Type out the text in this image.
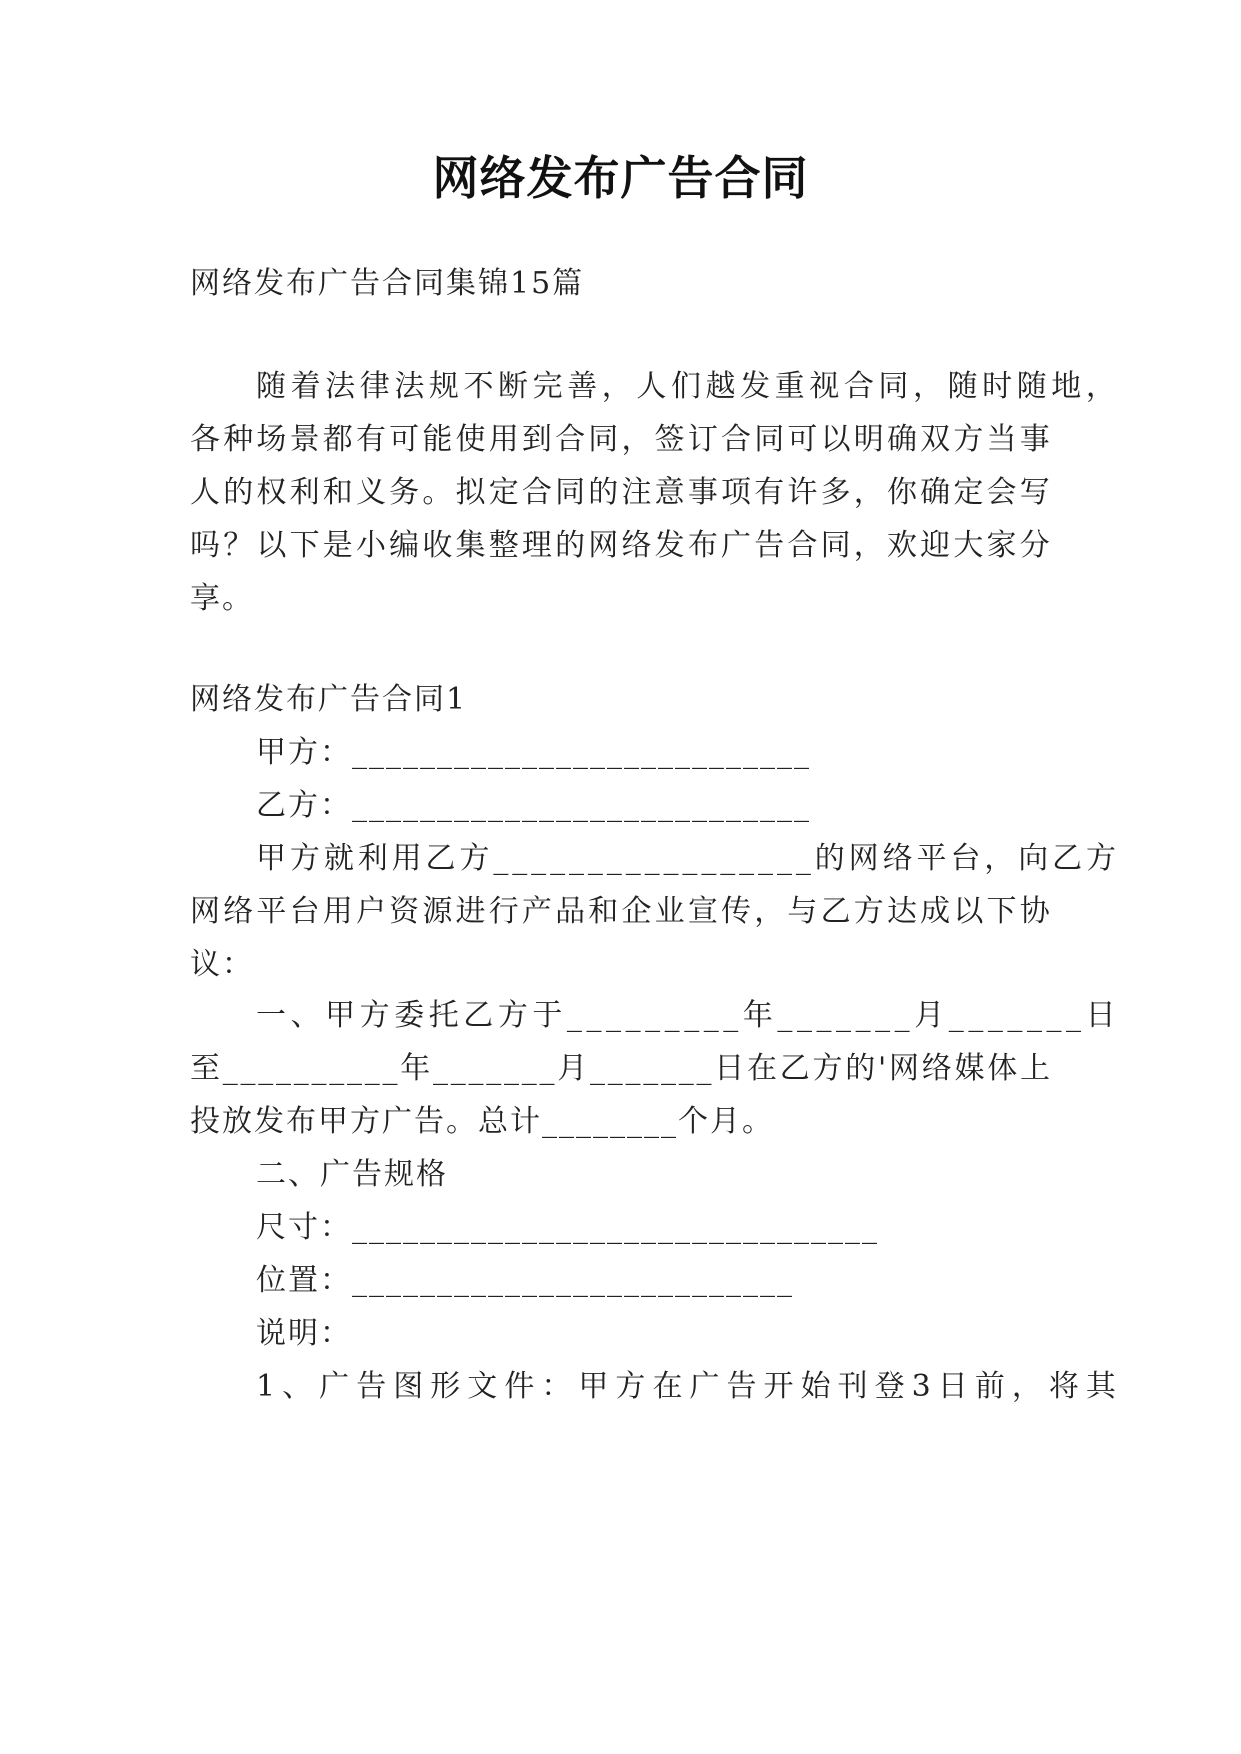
网络发布广告合同
网络发布广告合同集锦15篇
随 着 法 律 法 规 不 断 完 善 ， 人 们 越 发 重 视 合 同 ， 随 时 随 地 ，
各 种 场 景 都 有 可 能 使 用 到 合 同 ， 签 订 合 同 可 以 明 确 双 方 当 事
人 的 权 利 和 义 务 。 拟 定 合 同 的 注 意 事 项 有 许 多 ， 你 确 定 会 写
吗 ？ 以 下 是 小 编 收 集 整 理 的 网 络 发 布 广 告 合 同 ， 欢 迎 大 家 分
享。
网络发布广告合同1
甲方：___________________________
乙方：___________________________
甲 方 就 利 用 乙 方 _ _ _ _ _ _ _ _ _ _ _ _ _ _ _ _ _ 的 网 络 平 台 ， 向 乙 方
网 络 平 台 用 户 资 源 进 行 产 品 和 企 业 宣 传 ， 与 乙 方 达 成 以 下 协
议：
一 、 甲 方 委 托 乙 方 于 _ _ _ _ _ _ _ _ _ 年 _ _ _ _ _ _ _ 月 _ _ _ _ _ _ _ 日
至 _ _ _ _ _ _ _ _ _ _ 年 _ _ _ _ _ _ _ 月 _ _ _ _ _ _ _ 日 在 乙 方 的 ' 网 络 媒 体 上
投放发布甲方广告。总计________个月。
二、广告规格
尺寸：_______________________________
位置：__________________________
说明：
1 、 广 告 图 形 文 件 ： 甲 方 在 广 告 开 始 刊 登 3 日 前 ， 将 其
